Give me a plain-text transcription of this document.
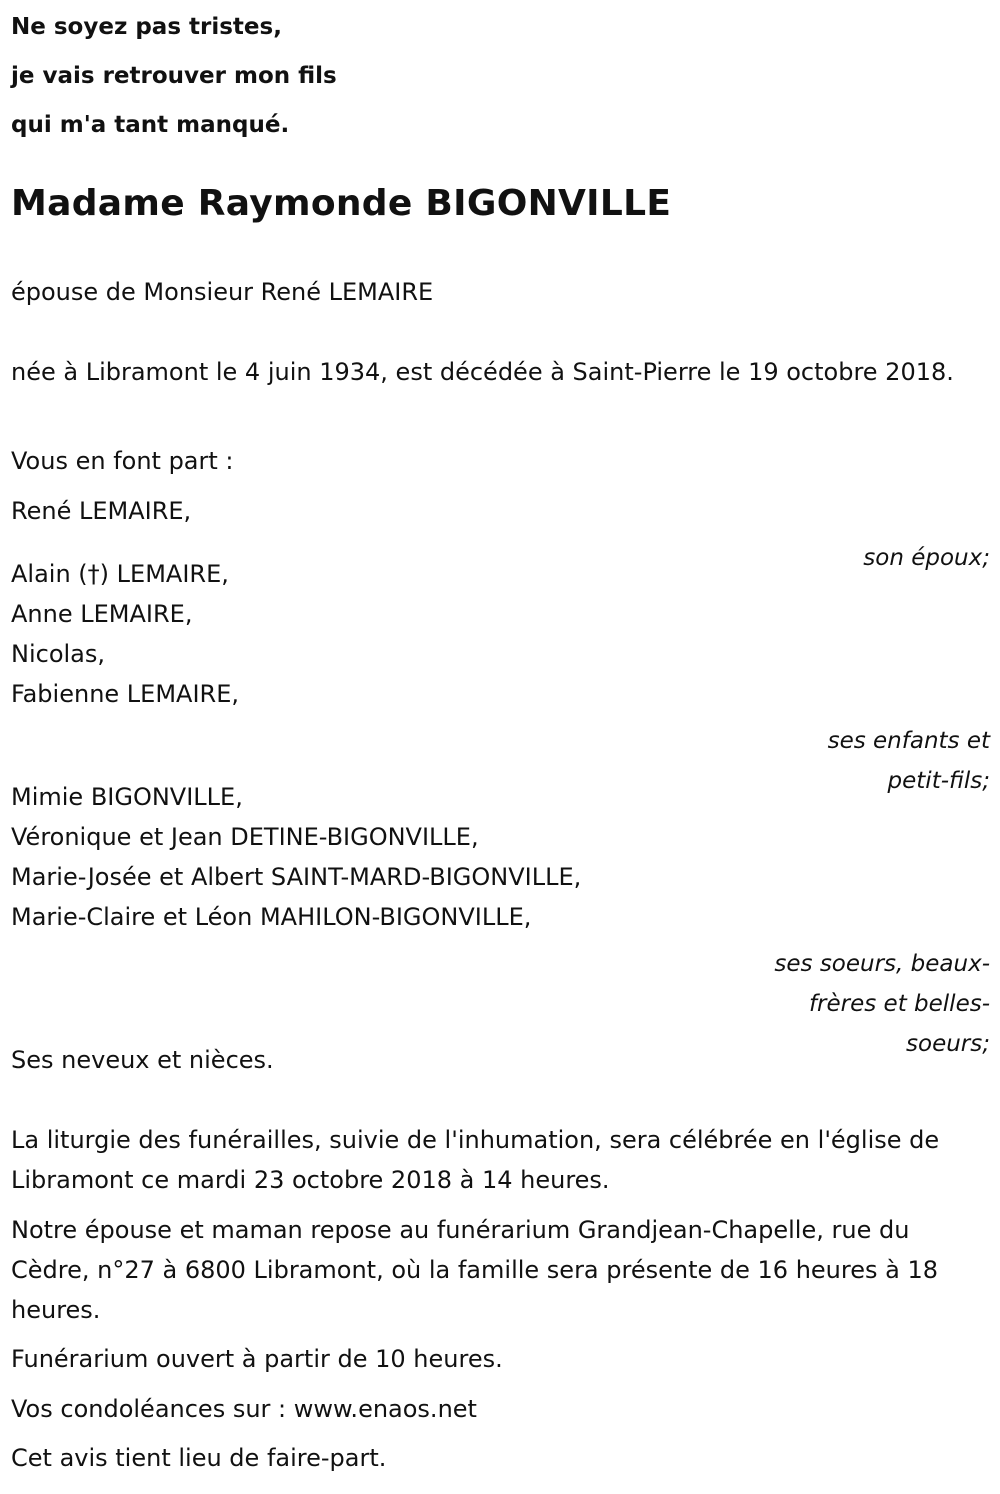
Ne soyez pas tristes,

je vais retrouver mon fils

qui m'a tant manqué.

Madame Raymonde BIGONVILLE

épouse de Monsieur René LEMAIRE

née à Libramont le 4 juin 1934, est décédée à Saint-Pierre le 19 octobre 2018.

Vous en font part :

René LEMAIRE,

son époux;

Alain (†) LEMAIRE,

Anne LEMAIRE,

Nicolas,

Fabienne LEMAIRE,

ses enfants et

petit-fils;

Mimie BIGONVILLE,

Véronique et Jean DETINE-BIGONVILLE,

Marie-Josée et Albert SAINT-MARD-BIGONVILLE,

Marie-Claire et Léon MAHILON-BIGONVILLE,

ses soeurs, beaux-

frères et belles-

soeurs;

Ses neveux et nièces.

La liturgie des funérailles, suivie de l'inhumation, sera célébrée en l'église de Libramont ce mardi 23 octobre 2018 à 14 heures.

Notre épouse et maman repose au funérarium Grandjean-Chapelle, rue du Cèdre, n°27 à 6800 Libramont, où la famille sera présente de 16 heures à 18 heures.

Funérarium ouvert à partir de 10 heures.

Vos condoléances sur : www.enaos.net

Cet avis tient lieu de faire-part.
